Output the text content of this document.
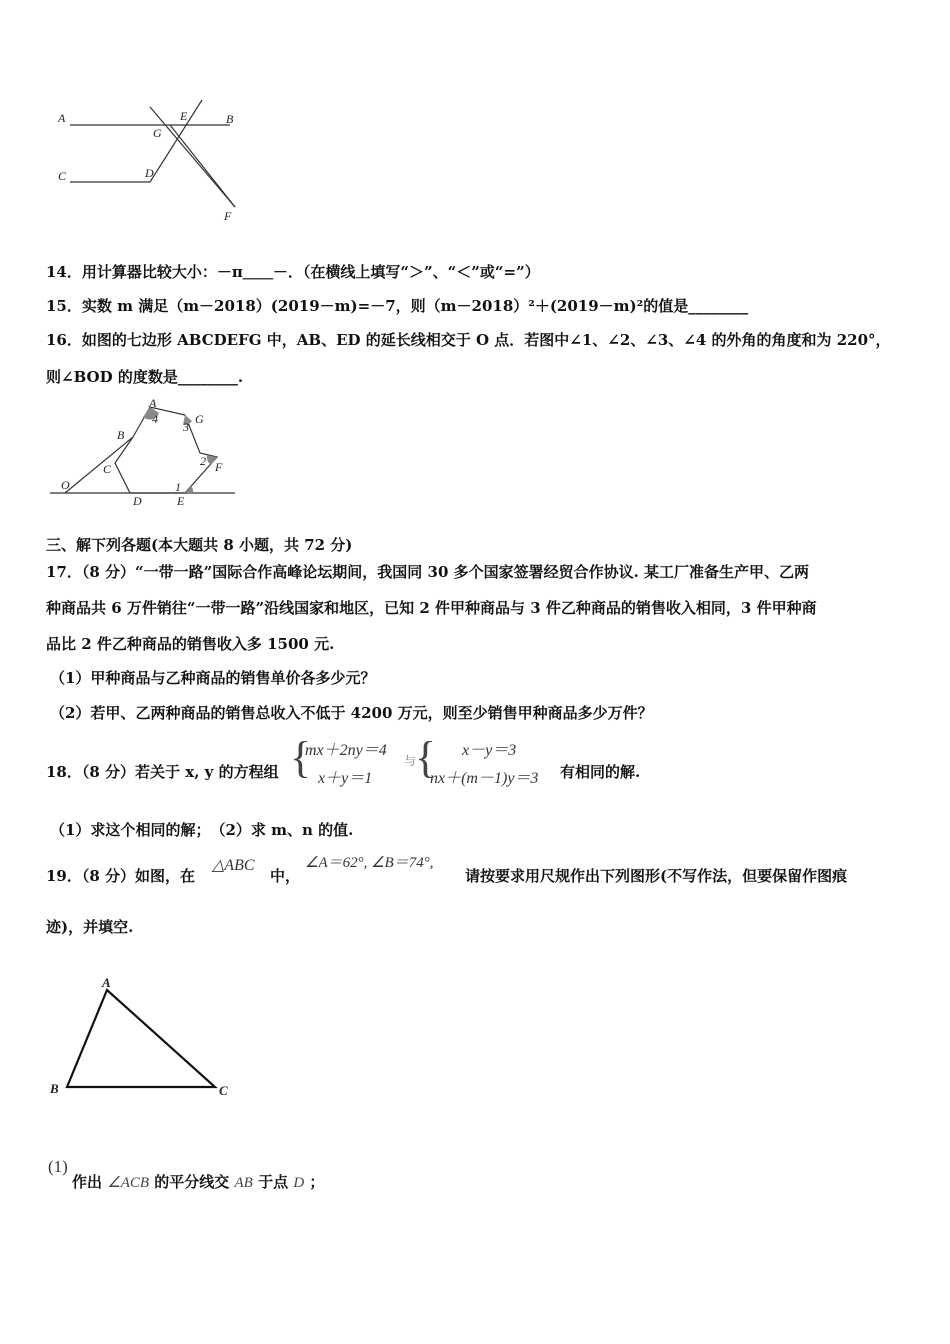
A	B
C	D
E
F
G
14．用计算器比较大小：－π＿＿－．（在横线上填写“＞”、“＜”或“=”）
15．实数 m 满足（m－2018）(2019－m)=－7，则（m－2018）²＋(2019－m)²的值是________
16．如图的七边形 ABCDEFG 中，AB、ED 的延长线相交于 O 点．若图中∠1、∠2、∠3、∠4 的外角的角度和为 220°，
则∠BOD 的度数是________.
O
A
B
C
D	E
F
G
1
2
3
4
三、解下列各题(本大题共 8 小题，共 72 分)
17．（8 分）“一带一路”国际合作高峰论坛期间，我国同 30 多个国家签署经贸合作协议. 某工厂准备生产甲、乙两
种商品共 6 万件销往“一带一路”沿线国家和地区，已知 2 件甲种商品与 3 件乙种商品的销售收入相同，3 件甲种商
品比 2 件乙种商品的销售收入多 1500 元.
（1）甲种商品与乙种商品的销售单价各多少元？
（2）若甲、乙两种商品的销售总收入不低于 4200 万元，则至少销售甲种商品多少万件？
18．（8 分）若关于 x, y 的方程组 {
mx＋2ny＝4
x＋y＝1
与
{ x－y＝3
nx＋(m－1)y＝3 有相同的解.
（1）求这个相同的解；　（2）求 m、n 的值.
19．（8 分）如图，在
△ABC
中，
∠A＝62°, ∠B＝74°,
请按要求用尺规作出下列图形(不写作法，但要保留作图痕
迹)，并填空.
A
B	C
(1)
作出 ∠ACB 的平分线交 AB 于点 D ；
